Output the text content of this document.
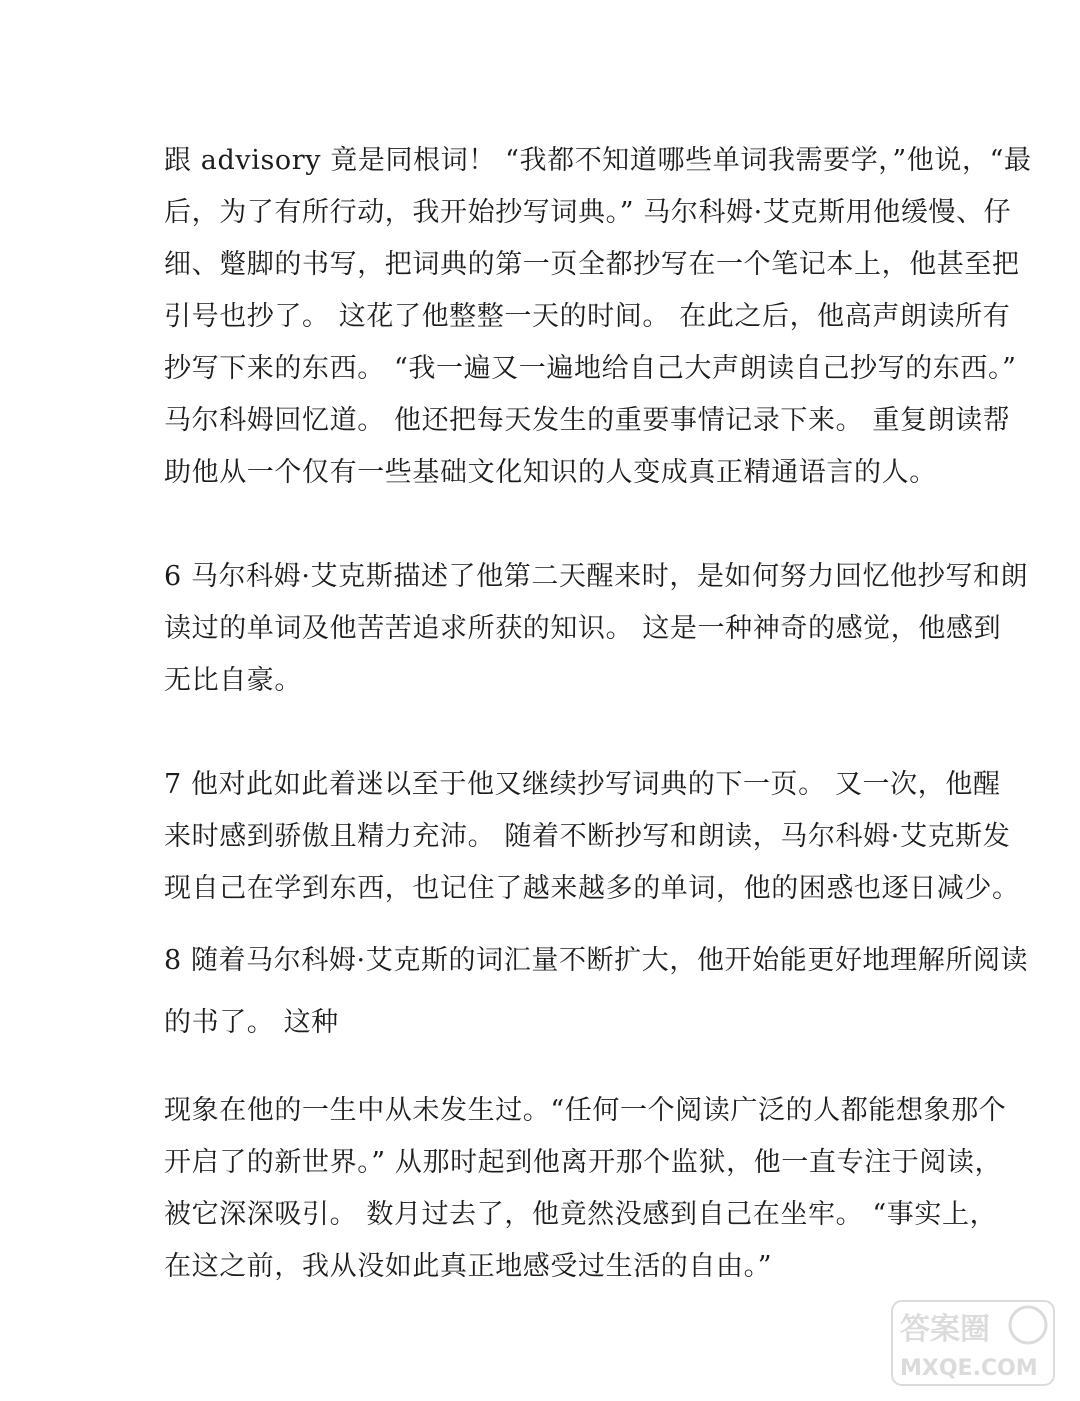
跟 advisory 竟是同根词！ “我都不知道哪些单词我需要学，”他说，“最
后，为了有所行动，我开始抄写词典。” 马尔科姆·艾克斯用他缓慢、仔
细、蹩脚的书写，把词典的第一页全都抄写在一个笔记本上，他甚至把
引号也抄了。 这花了他整整一天的时间。 在此之后，他高声朗读所有
抄写下来的东西。 “我一遍又一遍地给自己大声朗读自己抄写的东西。”
马尔科姆回忆道。 他还把每天发生的重要事情记录下来。 重复朗读帮
助他从一个仅有一些基础文化知识的人变成真正精通语言的人。
6 马尔科姆·艾克斯描述了他第二天醒来时，是如何努力回忆他抄写和朗
读过的单词及他苦苦追求所获的知识。 这是一种神奇的感觉，他感到
无比自豪。
7 他对此如此着迷以至于他又继续抄写词典的下一页。 又一次，他醒
来时感到骄傲且精力充沛。 随着不断抄写和朗读，马尔科姆·艾克斯发
现自己在学到东西，也记住了越来越多的单词，他的困惑也逐日减少。
8 随着马尔科姆·艾克斯的词汇量不断扩大，他开始能更好地理解所阅读
的书了。 这种
现象在他的一生中从未发生过。“任何一个阅读广泛的人都能想象那个
开启了的新世界。” 从那时起到他离开那个监狱，他一直专注于阅读，
被它深深吸引。 数月过去了，他竟然没感到自己在坐牢。 “事实上，
在这之前，我从没如此真正地感受过生活的自由。”
答案圈
MXQE.COM
